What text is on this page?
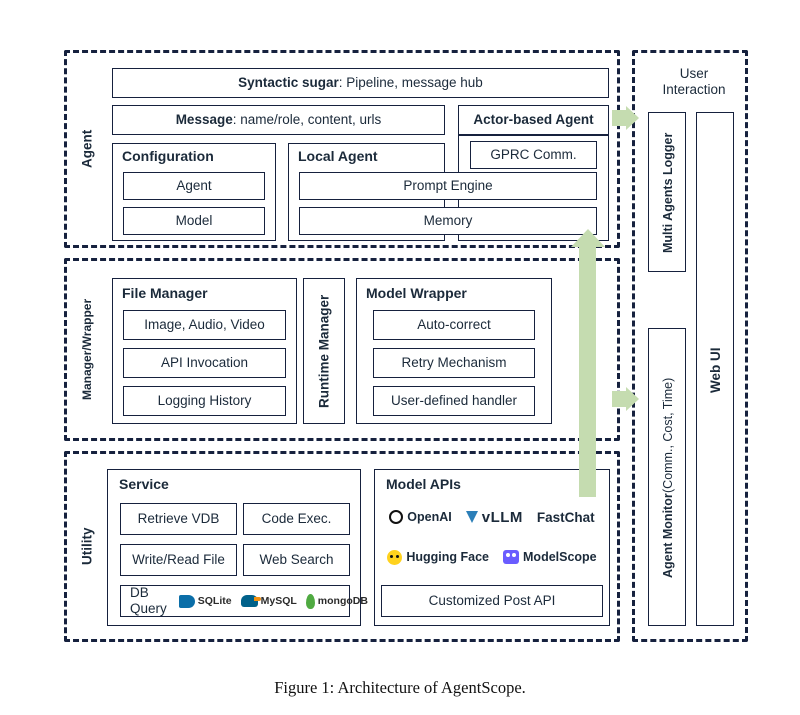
Agent
Syntactic sugar : Pipeline, message hub
Message : name/role, content, urls	Actor-based Agent
GPRC Comm.
Configuration
Agent
Model
Local Agent
Prompt Engine
Memory
Manager/Wrapper
File Manager
Image, Audio, Video
API Invocation
Logging History	Runtime Manager
Model Wrapper
Auto-correct
Retry Mechanism
User-defined handler
Utility
Service
Retrieve VDB	Code Exec.
Write/Read File	Web Search
DB Query
SQLite	MySQL mongoDB
Model APIs
OpenAI vLLM FastChat
Hugging Face	ModelScope
Customized Post API
User Interaction
Multi Agents Logger
Agent Monitor
(Comm., Cost, Time)
Web UI
Figure 1: Architecture of AgentScope.
